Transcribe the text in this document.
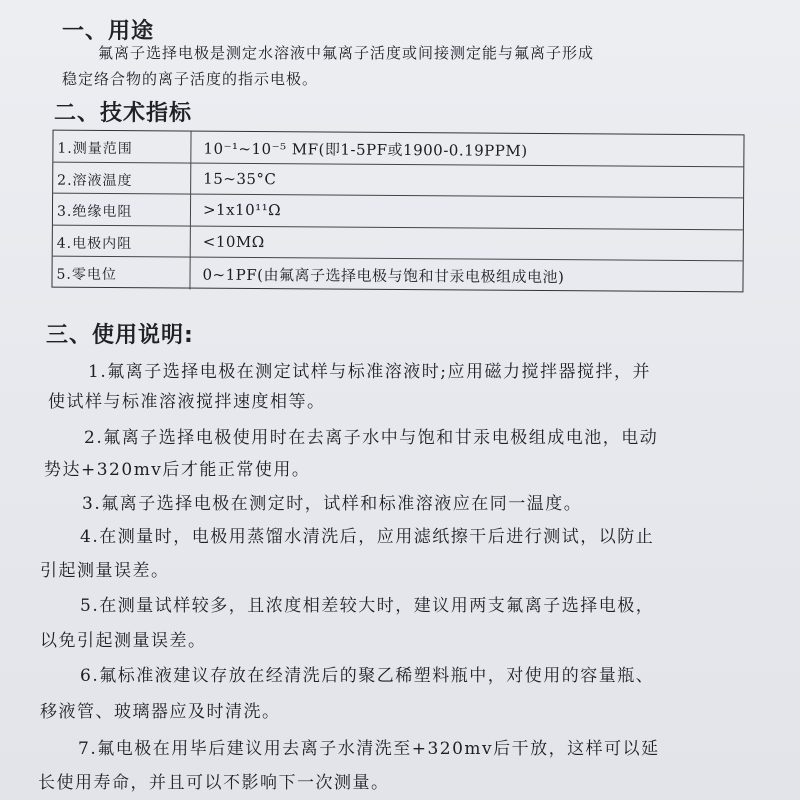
一、用途
氟离子选择电极是测定水溶液中氟离子活度或间接测定能与氟离子形成
稳定络合物的离子活度的指示电极。
二、技术指标
1.测量范围	10⁻¹~10⁻⁵ MF(即1-5PF或1900-0.19PPM)
2.溶液温度	15~35°C
3.绝缘电阻	>1x10¹¹Ω
4.电极内阻	<10MΩ
5.零电位	0~1PF(由氟离子选择电极与饱和甘汞电极组成电池)
三、使用说明:
1.氟离子选择电极在测定试样与标准溶液时;应用磁力搅拌器搅拌，并
使试样与标准溶液搅拌速度相等。
2.氟离子选择电极使用时在去离子水中与饱和甘汞电极组成电池，电动
势达+320mv后才能正常使用。
3.氟离子选择电极在测定时，试样和标准溶液应在同一温度。
4.在测量时，电极用蒸馏水清洗后，应用滤纸擦干后进行测试，以防止
引起测量误差。
5.在测量试样较多，且浓度相差较大时，建议用两支氟离子选择电极，
以免引起测量误差。
6.氟标准液建议存放在经清洗后的聚乙稀塑料瓶中，对使用的容量瓶、
移液管、玻璃器应及时清洗。
7.氟电极在用毕后建议用去离子水清洗至+320mv后干放，这样可以延
长使用寿命，并且可以不影响下一次测量。
